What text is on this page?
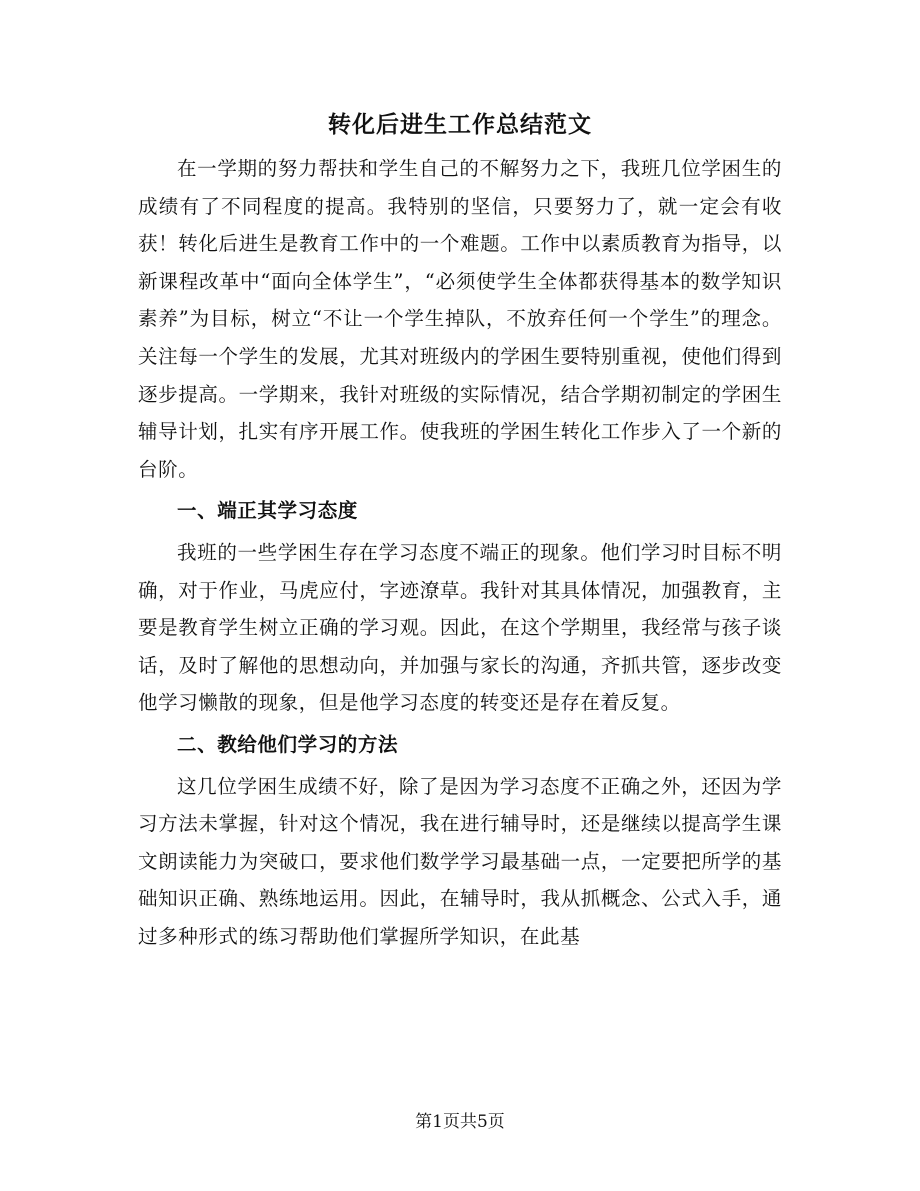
转化后进生工作总结范文

在一学期的努力帮扶和学生自己的不解努力之下，我班几位学困生的成绩有了不同程度的提高。我特别的坚信，只要努力了，就一定会有收获！转化后进生是教育工作中的一个难题。工作中以素质教育为指导，以新课程改革中“面向全体学生”，“必须使学生全体都获得基本的数学知识素养”为目标，树立“不让一个学生掉队，不放弃任何一个学生”的理念。关注每一个学生的发展，尤其对班级内的学困生要特别重视，使他们得到逐步提高。一学期来，我针对班级的实际情况，结合学期初制定的学困生辅导计划，扎实有序开展工作。使我班的学困生转化工作步入了一个新的台阶。

一、端正其学习态度

我班的一些学困生存在学习态度不端正的现象。他们学习时目标不明确，对于作业，马虎应付，字迹潦草。我针对其具体情况，加强教育，主要是教育学生树立正确的学习观。因此，在这个学期里，我经常与孩子谈话，及时了解他的思想动向，并加强与家长的沟通，齐抓共管，逐步改变他学习懒散的现象，但是他学习态度的转变还是存在着反复。

二、教给他们学习的方法

这几位学困生成绩不好，除了是因为学习态度不正确之外，还因为学习方法未掌握，针对这个情况，我在进行辅导时，还是继续以提高学生课文朗读能力为突破口，要求他们数学学习最基础一点，一定要把所学的基础知识正确、熟练地运用。因此，在辅导时，我从抓概念、公式入手，通过多种形式的练习帮助他们掌握所学知识，在此基

第1页共5页
